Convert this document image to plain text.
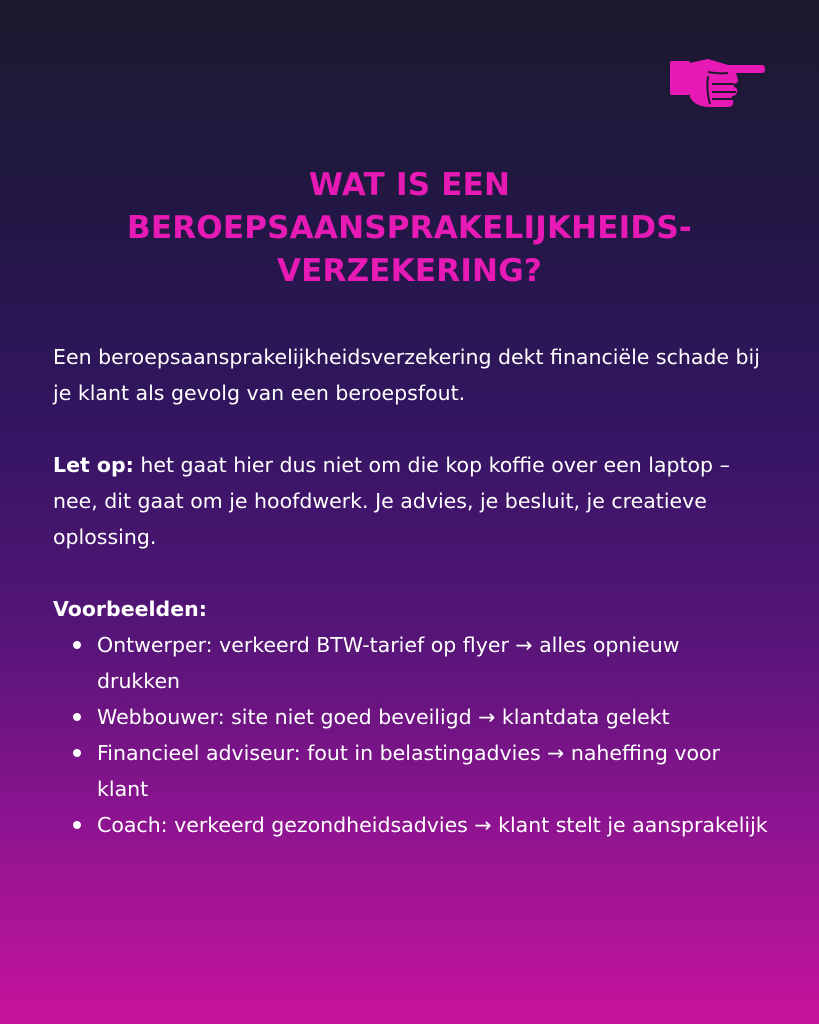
WAT IS EEN
BEROEPSAANSPRAKELIJKHEIDS-
VERZEKERING?

Een beroepsaansprakelijkheidsverzekering dekt financiële schade bij je klant als gevolg van een beroepsfout.

Let op: het gaat hier dus niet om die kop koffie over een laptop – nee, dit gaat om je hoofdwerk. Je advies, je besluit, je creatieve oplossing.

Voorbeelden:

Ontwerper: verkeerd BTW-tarief op flyer → alles opnieuw drukken
Webbouwer: site niet goed beveiligd → klantdata gelekt
Financieel adviseur: fout in belastingadvies → naheffing voor klant
Coach: verkeerd gezondheidsadvies → klant stelt je aansprakelijk
